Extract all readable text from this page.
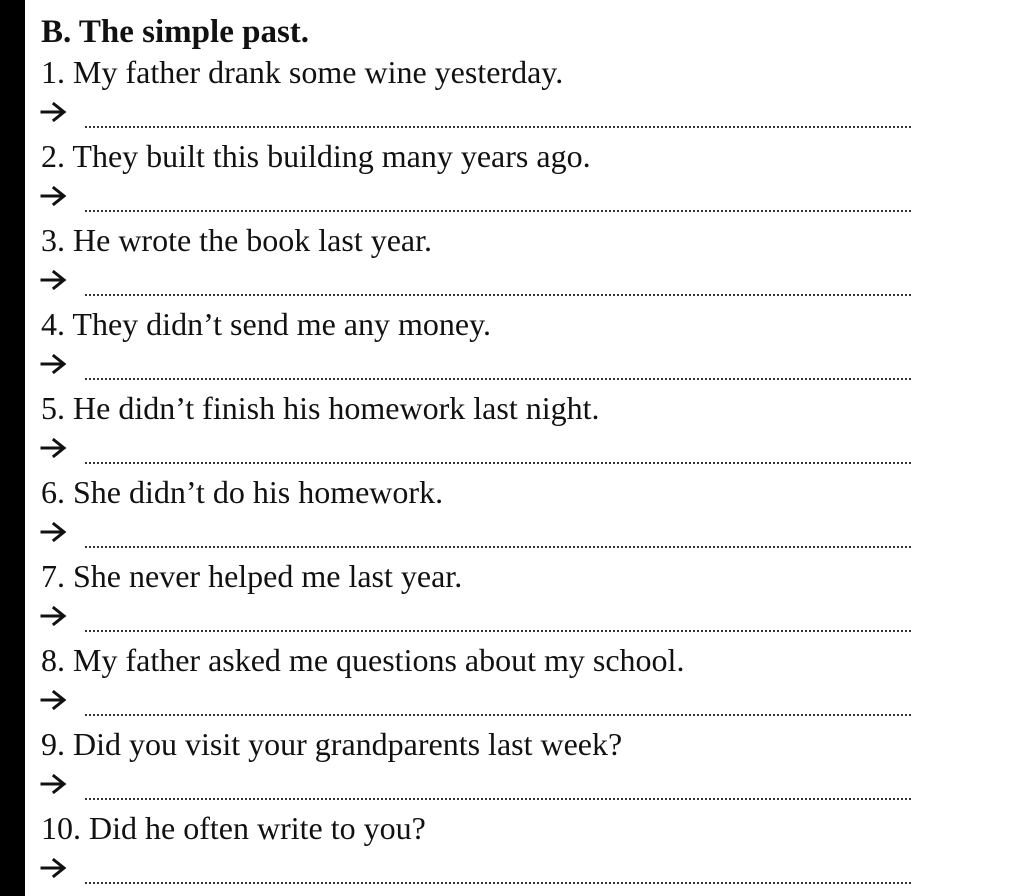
B. The simple past.
1. My father drank some wine yesterday.
2. They built this building many years ago.
3. He wrote the book last year.
4. They didn’t send me any money.
5. He didn’t finish his homework last night.
6. She didn’t do his homework.
7. She never helped me last year.
8. My father asked me questions about my school.
9. Did you visit your grandparents last week?
10. Did he often write to you?
